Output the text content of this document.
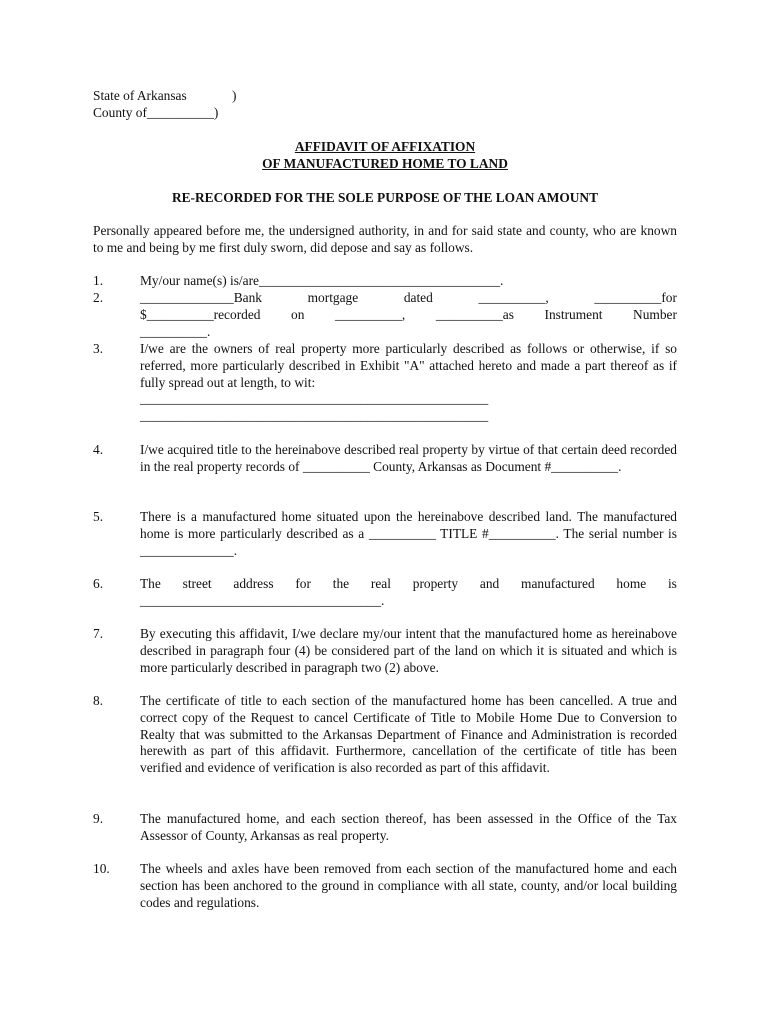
State of Arkansas	)
County of__________)
AFFIDAVIT OF AFFIXATION
OF MANUFACTURED HOME TO LAND
RE-RECORDED FOR THE SOLE PURPOSE OF THE LOAN AMOUNT
Personally appeared before me, the undersigned authority, in and for said state and county, who are known to me and being by me first duly sworn, did depose and say as follows.
1.	My/our name(s) is/are____________________________________.
2.	______________Bank	mortgage	dated	__________,	__________for
$__________recorded on __________, __________as Instrument Number
__________.
3.	I/we are the owners of real property more particularly described as follows or otherwise, if so referred, more particularly described in Exhibit "A" attached hereto and made a part thereof as if fully spread out at length, to wit:
____________________________________________________
____________________________________________________
4.	I/we acquired title to the hereinabove described real property by virtue of that certain deed recorded in the real property records of __________ County, Arkansas as Document #__________.
5.	There is a manufactured home situated upon the hereinabove described land. The manufactured home is more particularly described as a __________ TITLE #__________. The serial number is ______________.
6.	The street address for the real property and manufactured home is
____________________________________.
7.	By executing this affidavit, I/we declare my/our intent that the manufactured home as hereinabove described in paragraph four (4) be considered part of the land on which it is situated and which is more particularly described in paragraph two (2) above.
8.	The certificate of title to each section of the manufactured home has been cancelled. A true and correct copy of the Request to cancel Certificate of Title to Mobile Home Due to Conversion to Realty that was submitted to the Arkansas Department of Finance and Administration is recorded herewith as part of this affidavit. Furthermore, cancellation of the certificate of title has been verified and evidence of verification is also recorded as part of this affidavit.
9.	The manufactured home, and each section thereof, has been assessed in the Office of the Tax Assessor of County, Arkansas as real property.
10. The wheels and axles have been removed from each section of the manufactured home and each section has been anchored to the ground in compliance with all state, county, and/or local building codes and regulations.
